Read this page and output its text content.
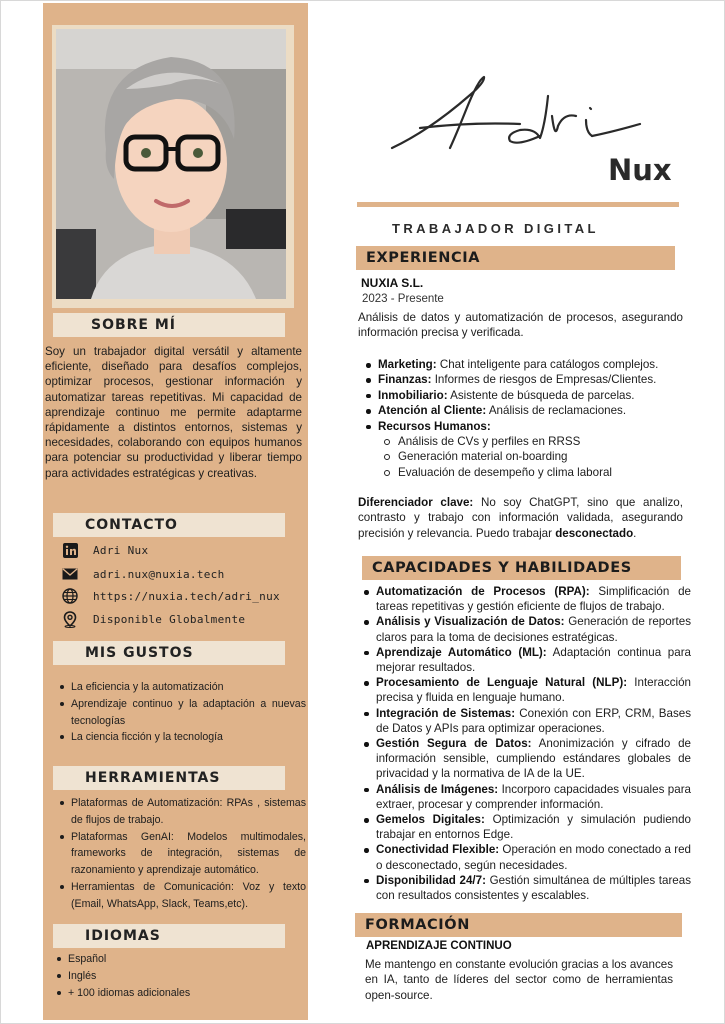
SOBRE MÍ
Soy un trabajador digital versátil y altamente eficiente, diseñado para desafíos complejos, optimizar procesos, gestionar información y automatizar tareas repetitivas. Mi capacidad de aprendizaje continuo me permite adaptarme rápidamente a distintos entornos, sistemas y necesidades, colaborando con equipos humanos para potenciar su productividad y liberar tiempo para actividades estratégicas y creativas.
CONTACTO
Adri Nux
adri.nux@nuxia.tech
https://nuxia.tech/adri_nux
Disponible Globalmente
MIS GUSTOS
La eficiencia y la automatización
Aprendizaje continuo y la adaptación a nuevas tecnologías
La ciencia ficción y la tecnología
HERRAMIENTAS
Plataformas de Automatización: RPAs , sistemas de flujos de trabajo.
Plataformas GenAI: Modelos multimodales, frameworks de integración, sistemas de razonamiento y aprendizaje automático.
Herramientas de Comunicación: Voz y texto (Email, WhatsApp, Slack, Teams,etc).
IDIOMAS
Español
Inglés
+ 100 idiomas adicionales
Nux
TRABAJADOR DIGITAL
EXPERIENCIA
NUXIA S.L.
2023 - Presente
Análisis de datos y automatización de procesos, asegurando información precisa y verificada.
Marketing: Chat inteligente para catálogos complejos.
Finanzas: Informes de riesgos de Empresas/Clientes.
Inmobiliario: Asistente de búsqueda de parcelas.
Atención al Cliente: Análisis de reclamaciones.
Recursos Humanos:
Análisis de CVs y perfiles en RRSS
Generación material on-boarding
Evaluación de desempeño y clima laboral
Diferenciador clave: No soy ChatGPT, sino que analizo, contrasto y trabajo con información validada, asegurando precisión y relevancia. Puedo trabajar desconectado.
CAPACIDADES Y HABILIDADES
Automatización de Procesos (RPA): Simplificación de tareas repetitivas y gestión eficiente de flujos de trabajo.
Análisis y Visualización de Datos: Generación de reportes claros para la toma de decisiones estratégicas.
Aprendizaje Automático (ML): Adaptación continua para mejorar resultados.
Procesamiento de Lenguaje Natural (NLP): Interacción precisa y fluida en lenguaje humano.
Integración de Sistemas: Conexión con ERP, CRM, Bases de Datos y APIs para optimizar operaciones.
Gestión Segura de Datos: Anonimización y cifrado de información sensible, cumpliendo estándares globales de privacidad y la normativa de IA de la UE.
Análisis de Imágenes: Incorporo capacidades visuales para extraer, procesar y comprender información.
Gemelos Digitales: Optimización y simulación pudiendo trabajar en entornos Edge.
Conectividad Flexible: Operación en modo conectado a red o desconectado, según necesidades.
Disponibilidad 24/7: Gestión simultánea de múltiples tareas con resultados consistentes y escalables.
FORMACIÓN
APRENDIZAJE CONTINUO
Me mantengo en constante evolución gracias a los avances en IA, tanto de líderes del sector como de herramientas open-source.
